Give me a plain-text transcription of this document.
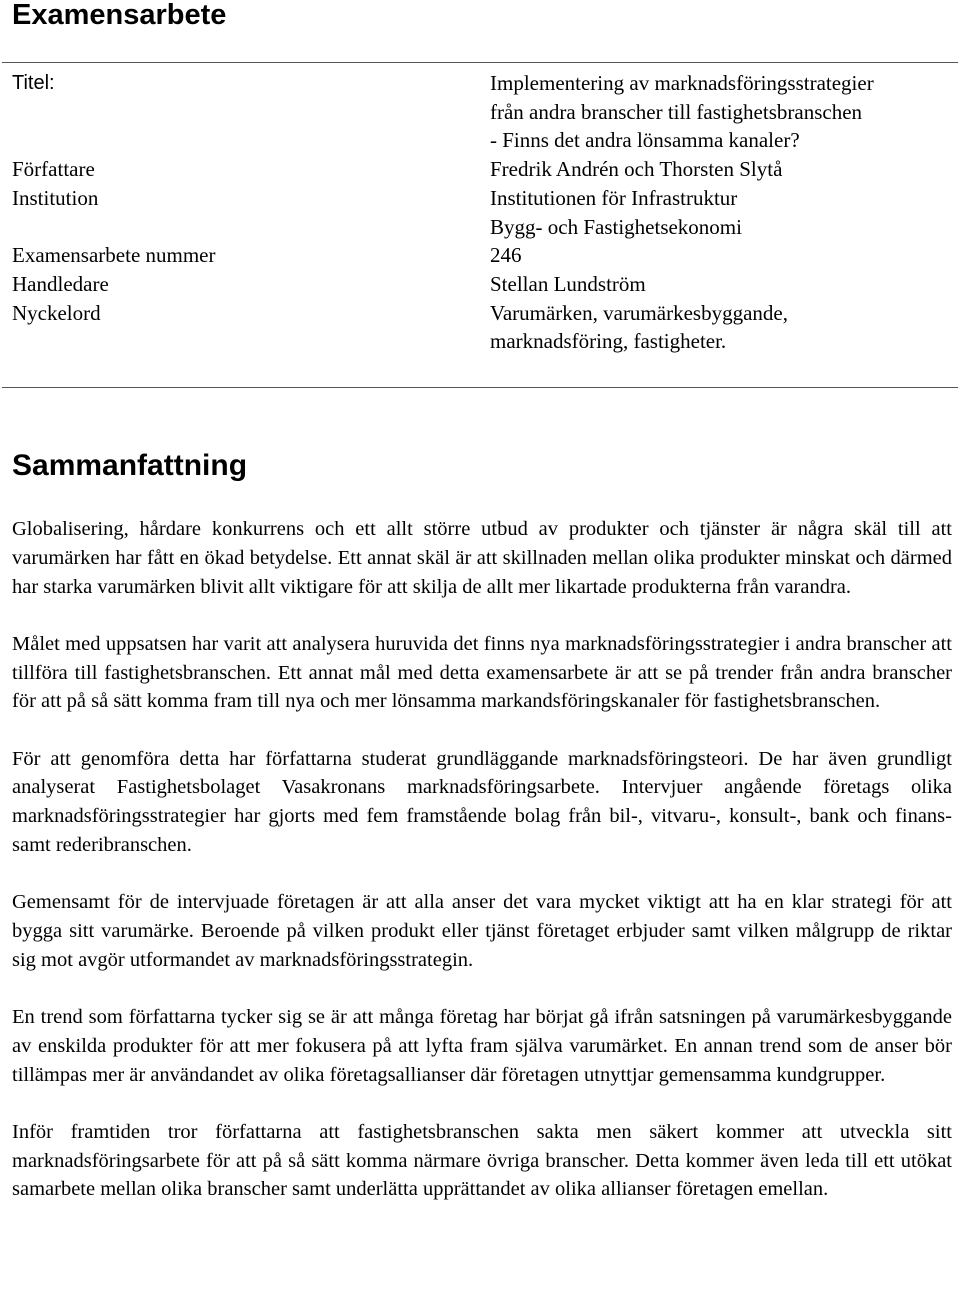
Examensarbete
Titel:	Implementering av marknadsföringsstrategier
från andra branscher till fastighetsbranschen
- Finns det andra lönsamma kanaler?
Författare	Fredrik Andrén och Thorsten Slytå
Institution	Institutionen för Infrastruktur
Bygg- och Fastighetsekonomi
Examensarbete nummer	246
Handledare	Stellan Lundström
Nyckelord	Varumärken, varumärkesbyggande,
marknadsföring, fastigheter.
Sammanfattning

Globalisering, hårdare konkurrens och ett allt större utbud av produkter och tjänster är några skäl till att varumärken har fått en ökad betydelse. Ett annat skäl är att skillnaden mellan olika produkter minskat och därmed har starka varumärken blivit allt viktigare för att skilja de allt mer likartade produkterna från varandra.

Målet med uppsatsen har varit att analysera huruvida det finns nya marknadsföringsstrategier i andra branscher att tillföra till fastighetsbranschen. Ett annat mål med detta examensarbete är att se på trender från andra branscher för att på så sätt komma fram till nya och mer lönsamma markandsföringskanaler för fastighetsbranschen.

För att genomföra detta har författarna studerat grundläggande marknadsföringsteori. De har även grundligt analyserat Fastighetsbolaget Vasakronans marknadsföringsarbete. Intervjuer angående företags olika marknadsföringsstrategier har gjorts med fem framstående bolag från bil-, vitvaru-, konsult-, bank och finans- samt rederibranschen.

Gemensamt för de intervjuade företagen är att alla anser det vara mycket viktigt att ha en klar strategi för att bygga sitt varumärke. Beroende på vilken produkt eller tjänst företaget erbjuder samt vilken målgrupp de riktar sig mot avgör utformandet av marknadsföringsstrategin.

En trend som författarna tycker sig se är att många företag har börjat gå ifrån satsningen på varumärkesbyggande av enskilda produkter för att mer fokusera på att lyfta fram själva varumärket. En annan trend som de anser bör tillämpas mer är användandet av olika företagsallianser där företagen utnyttjar gemensamma kundgrupper.

Inför framtiden tror författarna att fastighetsbranschen sakta men säkert kommer att utveckla sitt marknadsföringsarbete för att på så sätt komma närmare övriga branscher. Detta kommer även leda till ett utökat samarbete mellan olika branscher samt underlätta upprättandet av olika allianser företagen emellan.
